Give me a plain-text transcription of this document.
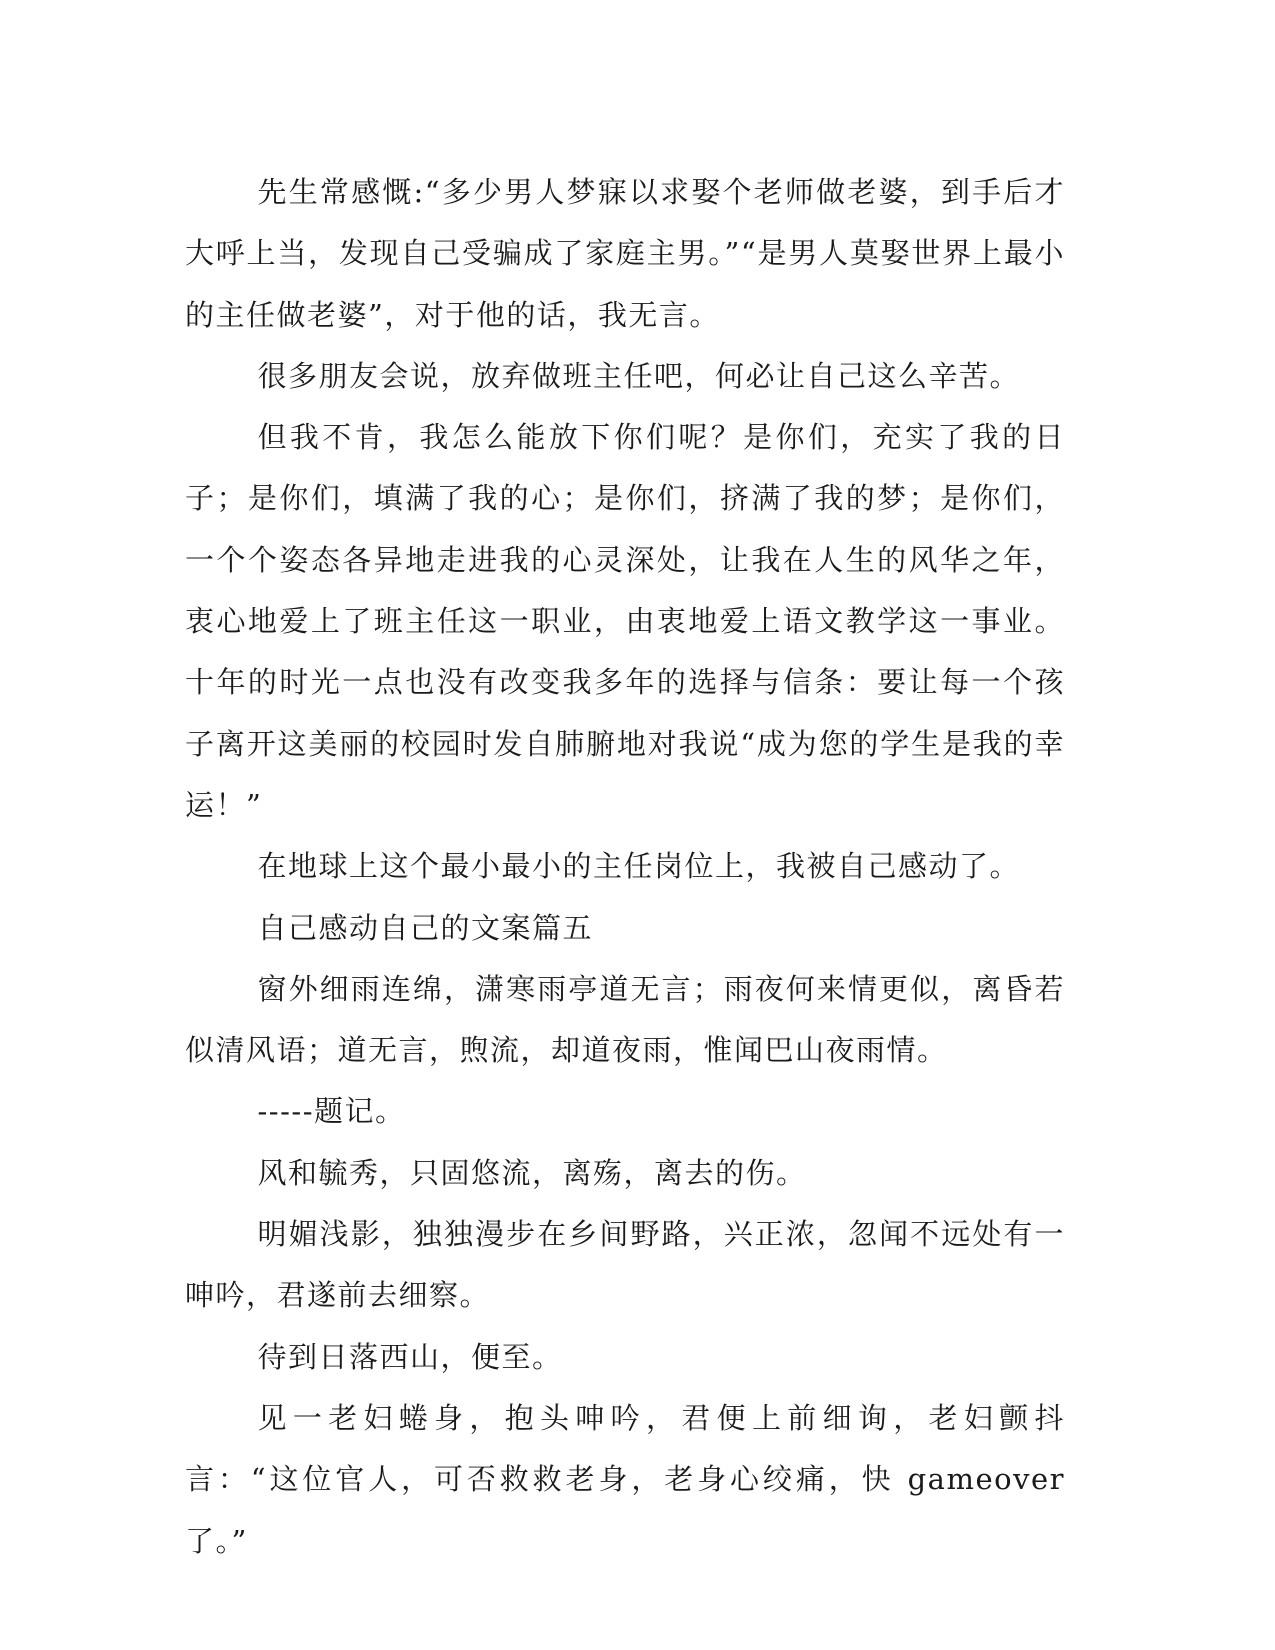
先生常感慨:“多少男人梦寐以求娶个老师做老婆，到手后才大呼上当，发现自己受骗成了家庭主男。”“是男人莫娶世界上最小的主任做老婆”，对于他的话，我无言。

很多朋友会说，放弃做班主任吧，何必让自己这么辛苦。

但我不肯，我怎么能放下你们呢？是你们，充实了我的日子；是你们，填满了我的心；是你们，挤满了我的梦；是你们，一个个姿态各异地走进我的心灵深处，让我在人生的风华之年，衷心地爱上了班主任这一职业，由衷地爱上语文教学这一事业。十年的时光一点也没有改变我多年的选择与信条：要让每一个孩子离开这美丽的校园时发自肺腑地对我说“成为您的学生是我的幸运！”

在地球上这个最小最小的主任岗位上，我被自己感动了。

自己感动自己的文案篇五

窗外细雨连绵，潇寒雨亭道无言；雨夜何来情更似，离昏若似清风语；道无言，煦流，却道夜雨，惟闻巴山夜雨情。

-----题记。

风和毓秀，只固悠流，离殇，离去的伤。

明媚浅影，独独漫步在乡间野路，兴正浓，忽闻不远处有一呻吟，君遂前去细察。

待到日落西山，便至。

见一老妇蜷身，抱头呻吟，君便上前细询，老妇颤抖言：“这位官人，可否救救老身，老身心绞痛，快 gameover 了。”
